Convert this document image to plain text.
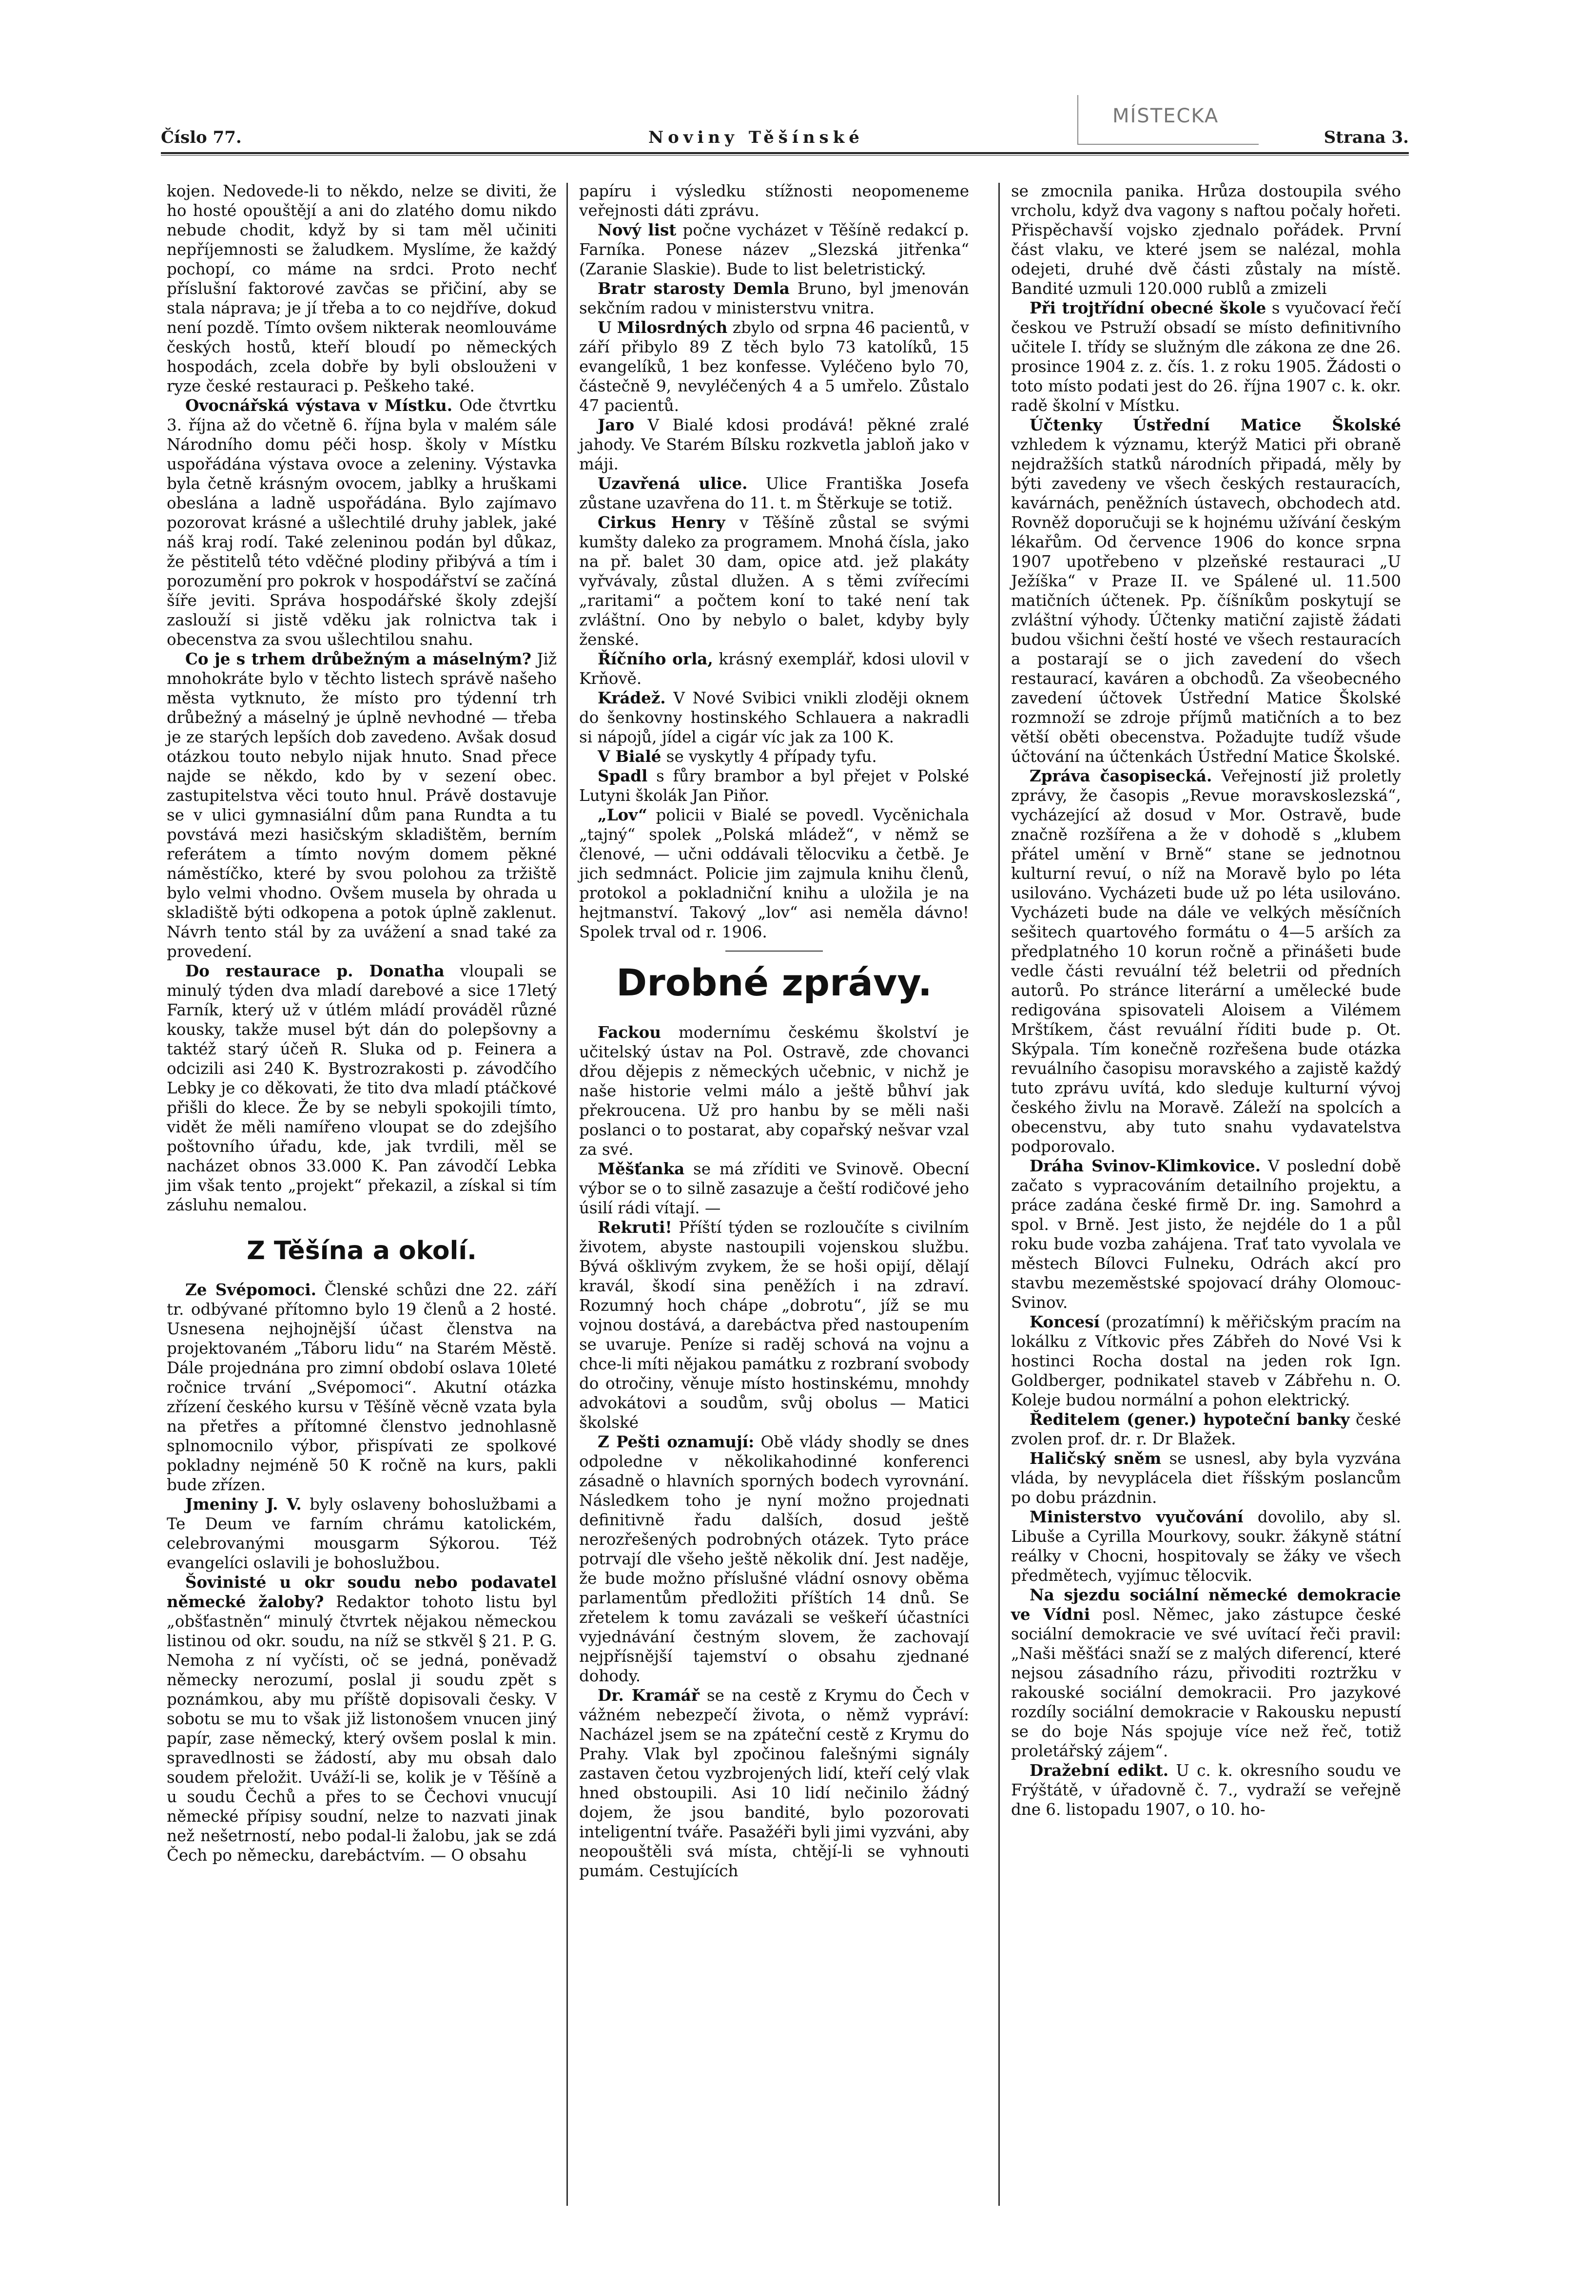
Číslo 77.	Noviny Těšínské	Strana 3.
MÍSTECKA

kojen. Nedovede-li to někdo, nelze se diviti, že ho hosté opouštějí a ani do zlatého domu nikdo nebude chodit, když by si tam měl učiniti nepříjemnosti se žaludkem. Myslíme, že každý pochopí, co máme na srdci. Proto nechť příslušní faktorové zavčas se přičiní, aby se stala náprava; je jí třeba a to co nejdříve, dokud není pozdě. Tímto ovšem nikterak neomlouváme českých hostů, kteří bloudí po německých hospodách, zcela dobře by byli obslouženi v ryze české restauraci p. Peškeho také.

Ovocnářská výstava v Místku. Ode čtvrtku 3. října až do včetně 6. října byla v malém sále Národního domu péči hosp. školy v Místku uspořádána výstava ovoce a zeleniny. Výstavka byla četně krásným ovocem, jablky a hruškami obeslána a ladně uspořádána. Bylo zajímavo pozorovat krásné a ušlechtilé druhy jablek, jaké náš kraj rodí. Také zeleninou podán byl důkaz, že pěstitelů této vděčné plodiny přibývá a tím i porozumění pro pokrok v hospodářství se začíná šíře jeviti. Správa hospodářské školy zdejší zaslouží si jistě vděku jak rolnictva tak i obecenstva za svou ušlechtilou snahu.

Co je s trhem drůbežným a máselným? Již mnohokráte bylo v těchto listech správě našeho města vytknuto, že místo pro týdenní trh drůbežný a máselný je úplně nevhodné — třeba je ze starých lepších dob zavedeno. Avšak dosud otázkou touto nebylo nijak hnuto. Snad přece najde se někdo, kdo by v sezení obec. zastupitelstva věci touto hnul. Právě dostavuje se v ulici gymnasiální dům pana Rundta a tu povstává mezi hasičským skladištěm, berním referátem a tímto novým domem pěkné náměstíčko, které by svou polohou za tržiště bylo velmi vhodno. Ovšem musela by ohrada u skladiště býti odkopena a potok úplně zaklenut. Návrh tento stál by za uvážení a snad také za provedení.

Do restaurace p. Donatha vloupali se minulý týden dva mladí darebové a sice 17letý Farník, který už v útlém mládí prováděl různé kousky, takže musel být dán do polepšovny a taktéž starý účeň R. Sluka od p. Feinera a odcizili asi 240 K. Bystrozrakosti p. závodčího Lebky je co děkovati, že tito dva mladí ptáčkové přišli do klece. Že by se nebyli spokojili tímto, vidět že měli namířeno vloupat se do zdejšího poštovního úřadu, kde, jak tvrdili, měl se nacházet obnos 33.000 K. Pan závodčí Lebka jim však tento „projekt“ překazil, a získal si tím zásluhu nemalou.

Z Těšína a okolí.

Ze Svépomoci. Členské schůzi dne 22. září tr. odbývané přítomno bylo 19 členů a 2 hosté. Usnesena nejhojnější účast členstva na projektovaném „Táboru lidu“ na Starém Městě. Dále projednána pro zimní období oslava 10leté ročnice trvání „Svépomoci“. Akutní otázka zřízení českého kursu v Těšíně věcně vzata byla na přetřes a přítomné členstvo jednohlasně splnomocnilo výbor, přispívati ze spolkové pokladny nejméně 50 K ročně na kurs, pakli bude zřízen.

Jmeniny J. V. byly oslaveny bohoslužbami a Te Deum ve farním chrámu katolickém, celebrovanými mousgarm Sýkorou. Též evangelíci oslavili je bohoslužbou.

Šovinisté u okr soudu nebo podavatel německé žaloby? Redaktor tohoto listu byl „obšťastněn“ minulý čtvrtek nějakou německou listinou od okr. soudu, na níž se stkvěl § 21. P. G. Nemoha z ní vyčísti, oč se jedná, poněvadž německy nerozumí, poslal ji soudu zpět s poznámkou, aby mu příště dopisovali česky. V sobotu se mu to však již listonošem vnucen jiný papír, zase německý, který ovšem poslal k min. spravedlnosti se žádostí, aby mu obsah dalo soudem přeložit. Uváží-li se, kolik je v Těšíně a u soudu Čechů a přes to se Čechovi vnucují německé přípisy soudní, nelze to nazvati jinak než nešetrností, nebo podal-li žalobu, jak se zdá Čech po německu, darebáctvím. — O obsahu

papíru i výsledku stížnosti neopomeneme veřejnosti dáti zprávu.

Nový list počne vycházet v Těšíně redakcí p. Farníka. Ponese název „Slezská jitřenka“ (Zaranie Slaskie). Bude to list beletristický.

Bratr starosty Demla Bruno, byl jmenován sekčním radou v ministerstvu vnitra.

U Milosrdných zbylo od srpna 46 pacientů, v září přibylo 89 Z těch bylo 73 katolíků, 15 evangelíků, 1 bez konfesse. Vyléčeno bylo 70, částečně 9, nevyléčených 4 a 5 umřelo. Zůstalo 47 pacientů.

Jaro V Bialé kdosi prodává! pěkné zralé jahody. Ve Starém Bílsku rozkvetla jabloň jako v máji.

Uzavřená ulice. Ulice Františka Josefa zůstane uzavřena do 11. t. m Štěrkuje se totiž.

Cirkus Henry v Těšíně zůstal se svými kumšty daleko za programem. Mnohá čísla, jako na př. balet 30 dam, opice atd. jež plakáty vyřvávaly, zůstal dlužen. A s těmi zvířecími „raritami“ a počtem koní to také není tak zvláštní. Ono by nebylo o balet, kdyby byly ženské.

Říčního orla, krásný exemplář, kdosi ulovil v Krňově.

Krádež. V Nové Svibici vnikli zloději oknem do šenkovny hostinského Schlauera a nakradli si nápojů, jídel a cigár víc jak za 100 K.

V Bialé se vyskytly 4 případy tyfu.

Spadl s fůry brambor a byl přejet v Polské Lutyni školák Jan Piňor.

„Lov“ policii v Bialé se povedl. Vycěnichala „tajný“ spolek „Polská mládež“, v němž se členové, — učni oddávali tělocviku a četbě. Je jich sedmnáct. Policie jim zajmula knihu členů, protokol a pokladniční knihu a uložila je na hejtmanství. Takový „lov“ asi neměla dávno! Spolek trval od r. 1906.

Drobné zprávy.

Fackou modernímu českému školství je učitelský ústav na Pol. Ostravě, zde chovanci dřou dějepis z německých učebnic, v nichž je naše historie velmi málo a ještě bůhví jak překroucena. Už pro hanbu by se měli naši poslanci o to postarat, aby copařský nešvar vzal za své.

Měšťanka se má zříditi ve Svinově. Obecní výbor se o to silně zasazuje a čeští rodičové jeho úsilí rádi vítají. —

Rekruti! Příští týden se rozloučíte s civilním životem, abyste nastoupili vojenskou službu. Bývá ošklivým zvykem, že se hoši opijí, dělají kravál, škodí sina peněžích i na zdraví. Rozumný hoch chápe „dobrotu“, jíž se mu vojnou dostává, a darebáctva před nastoupením se uvaruje. Peníze si raděj schová na vojnu a chce-li míti nějakou památku z rozbraní svobody do otročiny, věnuje místo hostinskému, mnohdy advokátovi a soudům, svůj obolus — Matici školské

Z Pešti oznamují: Obě vlády shodly se dnes odpoledne v několikahodinné konferenci zásadně o hlavních sporných bodech vyrovnání. Následkem toho je nyní možno projednati definitivně řadu dalších, dosud ještě nerozřešených podrobných otázek. Tyto práce potrvají dle všeho ještě několik dní. Jest naděje, že bude možno příslušné vládní osnovy oběma parlamentům předložiti příštích 14 dnů. Se zřetelem k tomu zavázali se veškeří účastníci vyjednávání čestným slovem, že zachovají nejpřísnější tajemství o obsahu zjednané dohody.

Dr. Kramář se na cestě z Krymu do Čech v vážném nebezpečí života, o němž vypráví: Nacházel jsem se na zpáteční cestě z Krymu do Prahy. Vlak byl zpočinou falešnými signály zastaven četou vyzbrojených lidí, kteří celý vlak hned obstoupili. Asi 10 lidí nečinilo žádný dojem, že jsou bandité, bylo pozorovati inteligentní tváře. Pasažéři byli jimi vyzváni, aby neopouštěli svá místa, chtějí-li se vyhnouti pumám. Cestujících

se zmocnila panika. Hrůza dostoupila svého vrcholu, když dva vagony s naftou počaly hořeti. Přispěchavší vojsko zjednalo pořádek. První část vlaku, ve které jsem se nalézal, mohla odejeti, druhé dvě části zůstaly na místě. Bandité uzmuli 120.000 rublů a zmizeli

Při trojtřídní obecné škole s vyučovací řečí českou ve Pstruží obsadí se místo definitivního učitele I. třídy se služným dle zákona ze dne 26. prosince 1904 z. z. čís. 1. z roku 1905. Žádosti o toto místo podati jest do 26. října 1907 c. k. okr. radě školní v Místku.

Účtenky Ústřední Matice Školské vzhledem k významu, kterýž Matici při obraně nejdražších statků národních připadá, měly by býti zavedeny ve všech českých restauracích, kavárnách, peněžních ústavech, obchodech atd. Rovněž doporučuji se k hojnému užívání českým lékařům. Od července 1906 do konce srpna 1907 upotřebeno v plzeňské restauraci „U Ježíška“ v Praze II. ve Spálené ul. 11.500 matičních účtenek. Pp. číšníkům poskytují se zvláštní výhody. Účtenky matiční zajistě žádati budou všichni čeští hosté ve všech restauracích a postarají se o jich zavedení do všech restaurací, kaváren a obchodů. Za všeobecného zavedení účtovek Ústřední Matice Školské rozmnoží se zdroje příjmů matičních a to bez větší oběti obecenstva. Požadujte tudíž všude účtování na účtenkách Ústřední Matice Školské.

Zpráva časopisecká. Veřejností již proletly zprávy, že časopis „Revue moravskoslezská“, vycházející až dosud v Mor. Ostravě, bude značně rozšířena a že v dohodě s „klubem přátel umění v Brně“ stane se jednotnou kulturní revuí, o níž na Moravě bylo po léta usilováno. Vycházeti bude už po léta usilováno. Vycházeti bude na dále ve velkých měsíčních sešitech quartového formátu o 4—5 arších za předplatného 10 korun ročně a přinášeti bude vedle části revuální též beletrii od předních autorů. Po stránce literární a umělecké bude redigována spisovateli Aloisem a Vilémem Mrštíkem, část revuální říditi bude p. Ot. Skýpala. Tím konečně rozřešena bude otázka revuálního časopisu moravského a zajistě každý tuto zprávu uvítá, kdo sleduje kulturní vývoj českého živlu na Moravě. Záleží na spolcích a obecenstvu, aby tuto snahu vydavatelstva podporovalo.

Dráha Svinov-Klimkovice. V poslední době začato s vypracováním detailního projektu, a práce zadána české firmě Dr. ing. Samohrd a spol. v Brně. Jest jisto, že nejdéle do 1 a půl roku bude vozba zahájena. Trať tato vyvolala ve městech Bílovci Fulneku, Odrách akcí pro stavbu mezeměstské spojovací dráhy Olomouc-Svinov.

Koncesí (prozatímní) k měřičským pracím na lokálku z Vítkovic přes Zábřeh do Nové Vsi k hostinci Rocha dostal na jeden rok Ign. Goldberger, podnikatel staveb v Zábřehu n. O. Koleje budou normální a pohon elektrický.

Ředitelem (gener.) hypoteční banky české zvolen prof. dr. r. Dr Blažek.

Haličský sněm se usnesl, aby byla vyzvána vláda, by nevyplácela diet říšským poslancům po dobu prázdnin.

Ministerstvo vyučování dovolilo, aby sl. Libuše a Cyrilla Mourkovy, soukr. žákyně státní reálky v Chocni, hospitovaly se žáky ve všech předmětech, vyjímuc tělocvik.

Na sjezdu sociální německé demokracie ve Vídni posl. Němec, jako zástupce české sociální demokracie ve své uvítací řeči pravil: „Naši měšťáci snaží se z malých diferencí, které nejsou zásadního rázu, přivoditi roztržku v rakouské sociální demokracii. Pro jazykové rozdíly sociální demokracie v Rakousku nepustí se do boje Nás spojuje více než řeč, totiž proletářský zájem“.

Dražební edikt. U c. k. okresního soudu ve Frýštátě, v úřadovně č. 7., vydraží se veřejně dne 6. listopadu 1907, o 10. ho-
